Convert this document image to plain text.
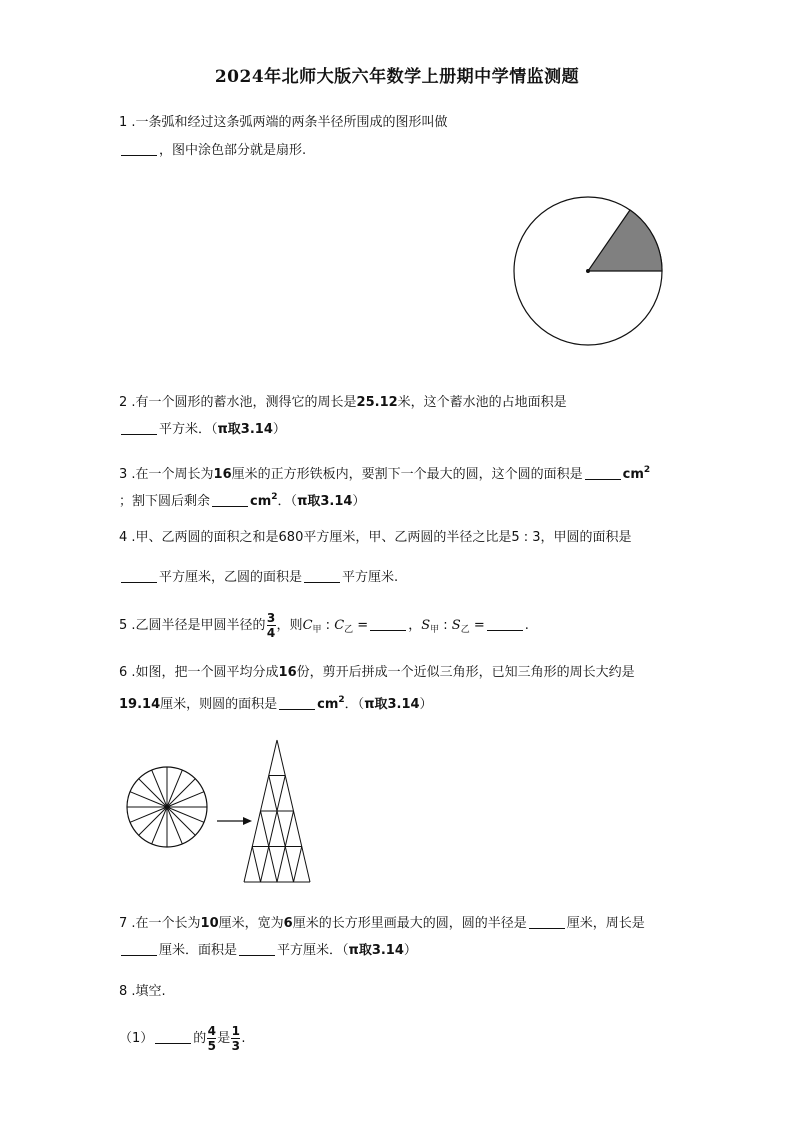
2024年北师大版六年数学上册期中学情监测题
1 .一条弧和经过这条弧两端的两条半径所围成的图形叫做
，图中涂色部分就是扇形.
2 .有一个圆形的蓄水池，测得它的周长是25.12米，这个蓄水池的占地面积是
平方米．（π取3.14）
3 .在一个周长为16厘米的正方形铁板内，要割下一个最大的圆，这个圆的面积是	$cm^2$
；割下圆后剩余	$cm^2$．（π取3.14）
4 .甲、乙两圆的面积之和是680平方厘米，甲、乙两圆的半径之比是5 : 3，甲圆的面积是
平方厘米，乙圆的面积是	平方厘米.
5 .乙圆半径是甲圆半径的 $\frac{3}{4}$ ，则$C_甲$ : $C_乙$ =	，$S_甲$ : $S_乙$ =	.
6 .如图，把一个圆平均分成16份，剪开后拼成一个近似三角形，已知三角形的周长大约是
19.14厘米，则圆的面积是	$cm^2$．（π取3.14）
7 .在一个长为10厘米，宽为6厘米的长方形里画最大的圆，圆的半径是	厘米，周长是
厘米．面积是	平方厘米．（π取3.14）
8 .填空.
（1）	的 $\frac{4}{5}$ 是 $\frac{1}{3}$ .
